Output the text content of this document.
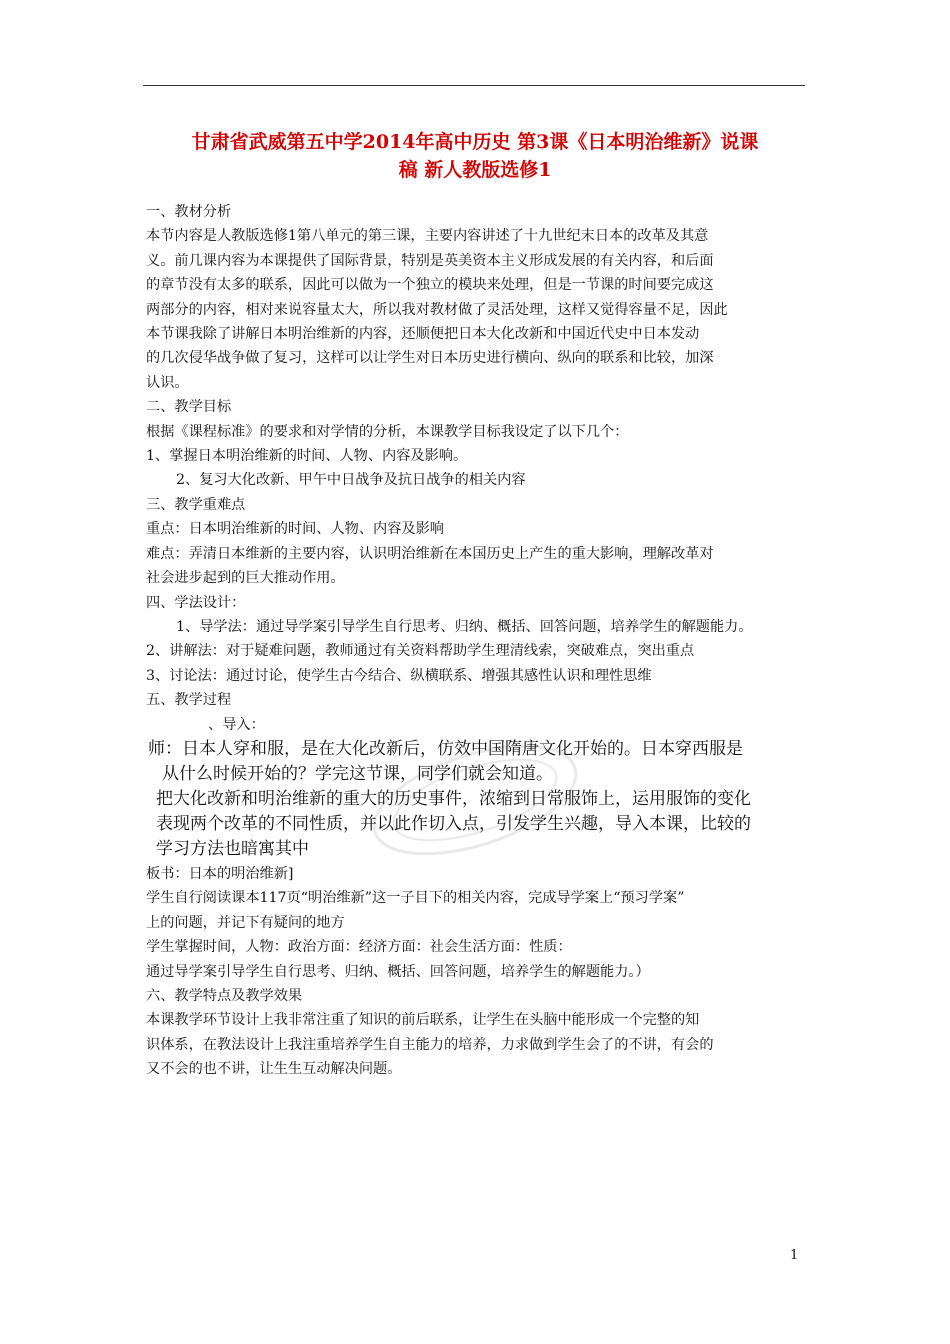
甘肃省武威第五中学2014年高中历史 第3课《日本明治维新》说课
稿 新人教版选修1
一、教材分析
本节内容是人教版选修1第八单元的第三课，主要内容讲述了十九世纪末日本的改革及其意
义。前几课内容为本课提供了国际背景，特别是英美资本主义形成发展的有关内容，和后面
的章节没有太多的联系，因此可以做为一个独立的模块来处理，但是一节课的时间要完成这
两部分的内容，相对来说容量太大，所以我对教材做了灵活处理，这样又觉得容量不足，因此
本节课我除了讲解日本明治维新的内容，还顺便把日本大化改新和中国近代史中日本发动
的几次侵华战争做了复习，这样可以让学生对日本历史进行横向、纵向的联系和比较，加深
认识。
二、教学目标
根据《课程标准》的要求和对学情的分析，本课教学目标我设定了以下几个：
1、掌握日本明治维新的时间、人物、内容及影响。
2、复习大化改新、甲午中日战争及抗日战争的相关内容
三、教学重难点
重点：日本明治维新的时间、人物、内容及影响
难点：弄清日本维新的主要内容，认识明治维新在本国历史上产生的重大影响，理解改革对
社会进步起到的巨大推动作用。
四、学法设计：
1、导学法：通过导学案引导学生自行思考、归纳、概括、回答问题，培养学生的解题能力。
2、讲解法：对于疑难问题，教师通过有关资料帮助学生理清线索，突破难点，突出重点
3、讨论法：通过讨论，使学生古今结合、纵横联系、增强其感性认识和理性思维
五、教学过程
、导入：
师：日本人穿和服，是在大化改新后，仿效中国隋唐文化开始的。日本穿西服是
从什么时候开始的？学完这节课，同学们就会知道。
把大化改新和明治维新的重大的历史事件，浓缩到日常服饰上，运用服饰的变化
表现两个改革的不同性质，并以此作切入点，引发学生兴趣，导入本课，比较的
学习方法也暗寓其中
板书：日本的明治维新]
学生自行阅读课本117页“明治维新”这一子目下的相关内容，完成导学案上“预习学案”
上的问题，并记下有疑问的地方
学生掌握时间，人物：政治方面：经济方面：社会生活方面：性质：
通过导学案引导学生自行思考、归纳、概括、回答问题，培养学生的解题能力。）
六、教学特点及教学效果
本课教学环节设计上我非常注重了知识的前后联系，让学生在头脑中能形成一个完整的知
识体系，在教法设计上我注重培养学生自主能力的培养，力求做到学生会了的不讲，有会的
又不会的也不讲，让生生互动解决问题。
1
